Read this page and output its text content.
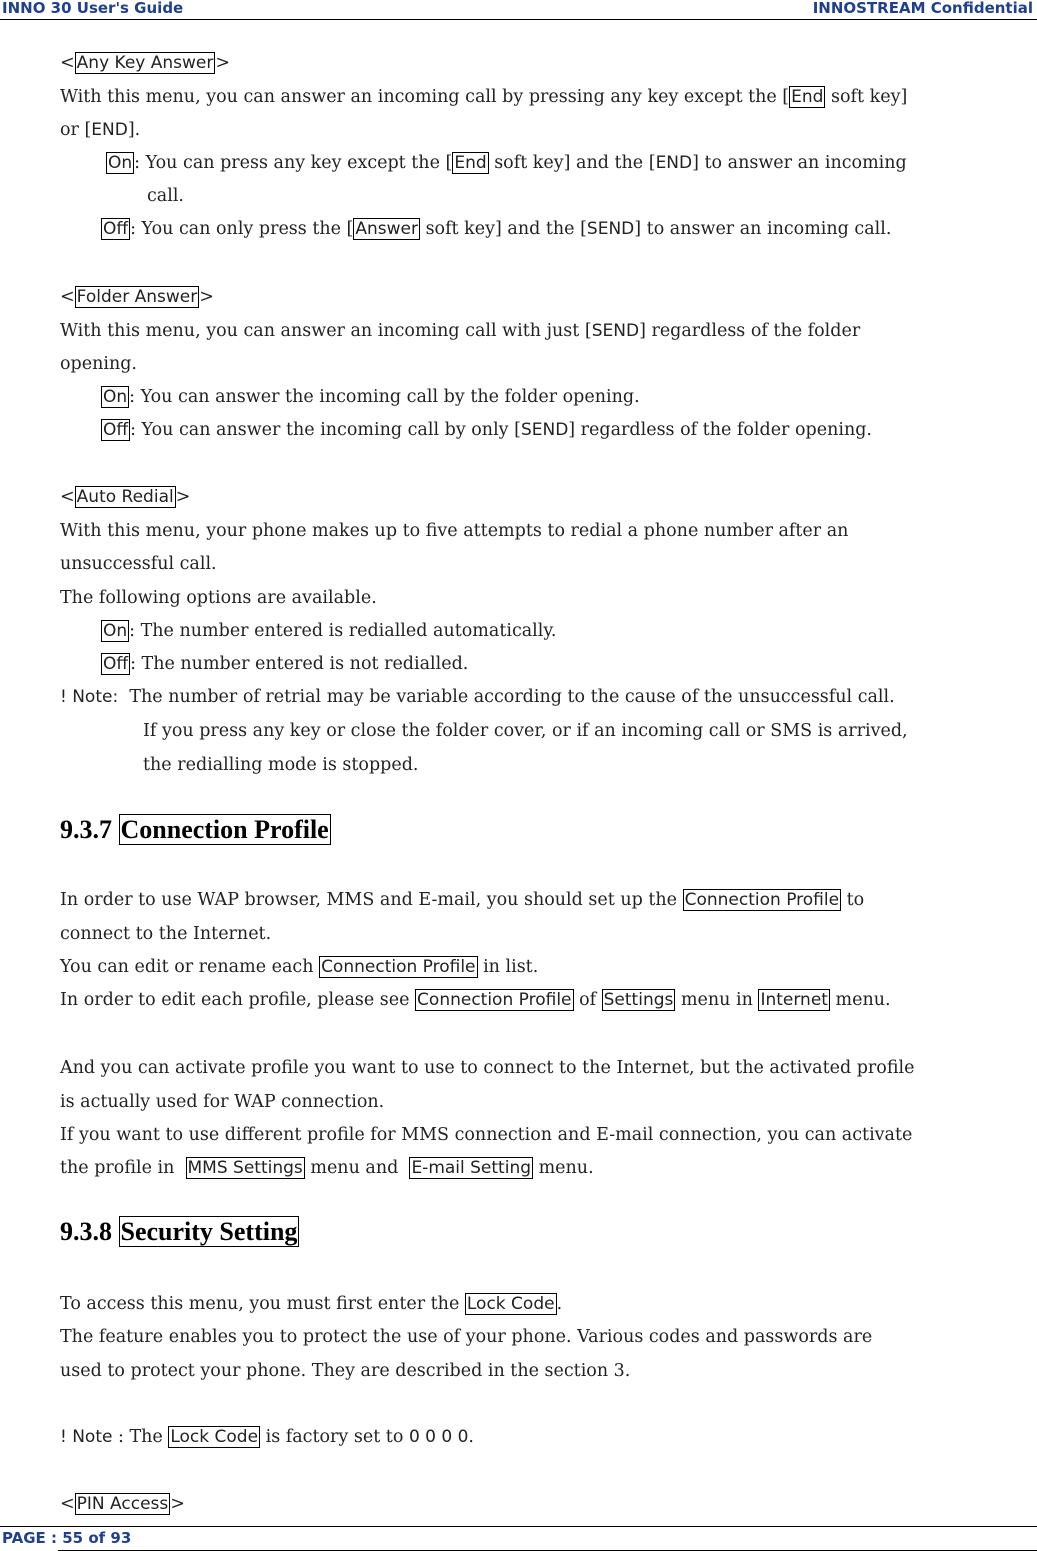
INNO 30 User's Guide	INNOSTREAM Confidential
< Any Key Answer >
With this menu, you can answer an incoming call by pressing any key except the [ End soft key]
or [END].
On : You can press any key except the [ End soft key] and the [END] to answer an incoming
call.
Off : You can only press the [ Answer soft key] and the [SEND] to answer an incoming call.
< Folder Answer >
With this menu, you can answer an incoming call with just [SEND] regardless of the folder
opening.
On : You can answer the incoming call by the folder opening.
Off : You can answer the incoming call by only [SEND] regardless of the folder opening.
< Auto Redial >
With this menu, your phone makes up to five attempts to redial a phone number after an
unsuccessful call.
The following options are available.
On : The number entered is redialled automatically.
Off : The number entered is not redialled.
! Note: The number of retrial may be variable according to the cause of the unsuccessful call.
If you press any key or close the folder cover, or if an incoming call or SMS is arrived,
the redialling mode is stopped.
9.3.7 Connection Profile
In order to use WAP browser, MMS and E-mail, you should set up the Connection Profile to
connect to the Internet.
You can edit or rename each Connection Profile in list.
In order to edit each profile, please see Connection Profile of Settings menu in Internet menu.
And you can activate profile you want to use to connect to the Internet, but the activated profile
is actually used for WAP connection.
If you want to use different profile for MMS connection and E-mail connection, you can activate
the profile in  MMS Settings menu and  E-mail Setting menu.
9.3.8 Security Setting
To access this menu, you must first enter the Lock Code .
The feature enables you to protect the use of your phone. Various codes and passwords are
used to protect your phone. They are described in the section 3.
! Note : The Lock Code is factory set to 0 0 0 0.
< PIN Access >
PAGE : 55 of 93
